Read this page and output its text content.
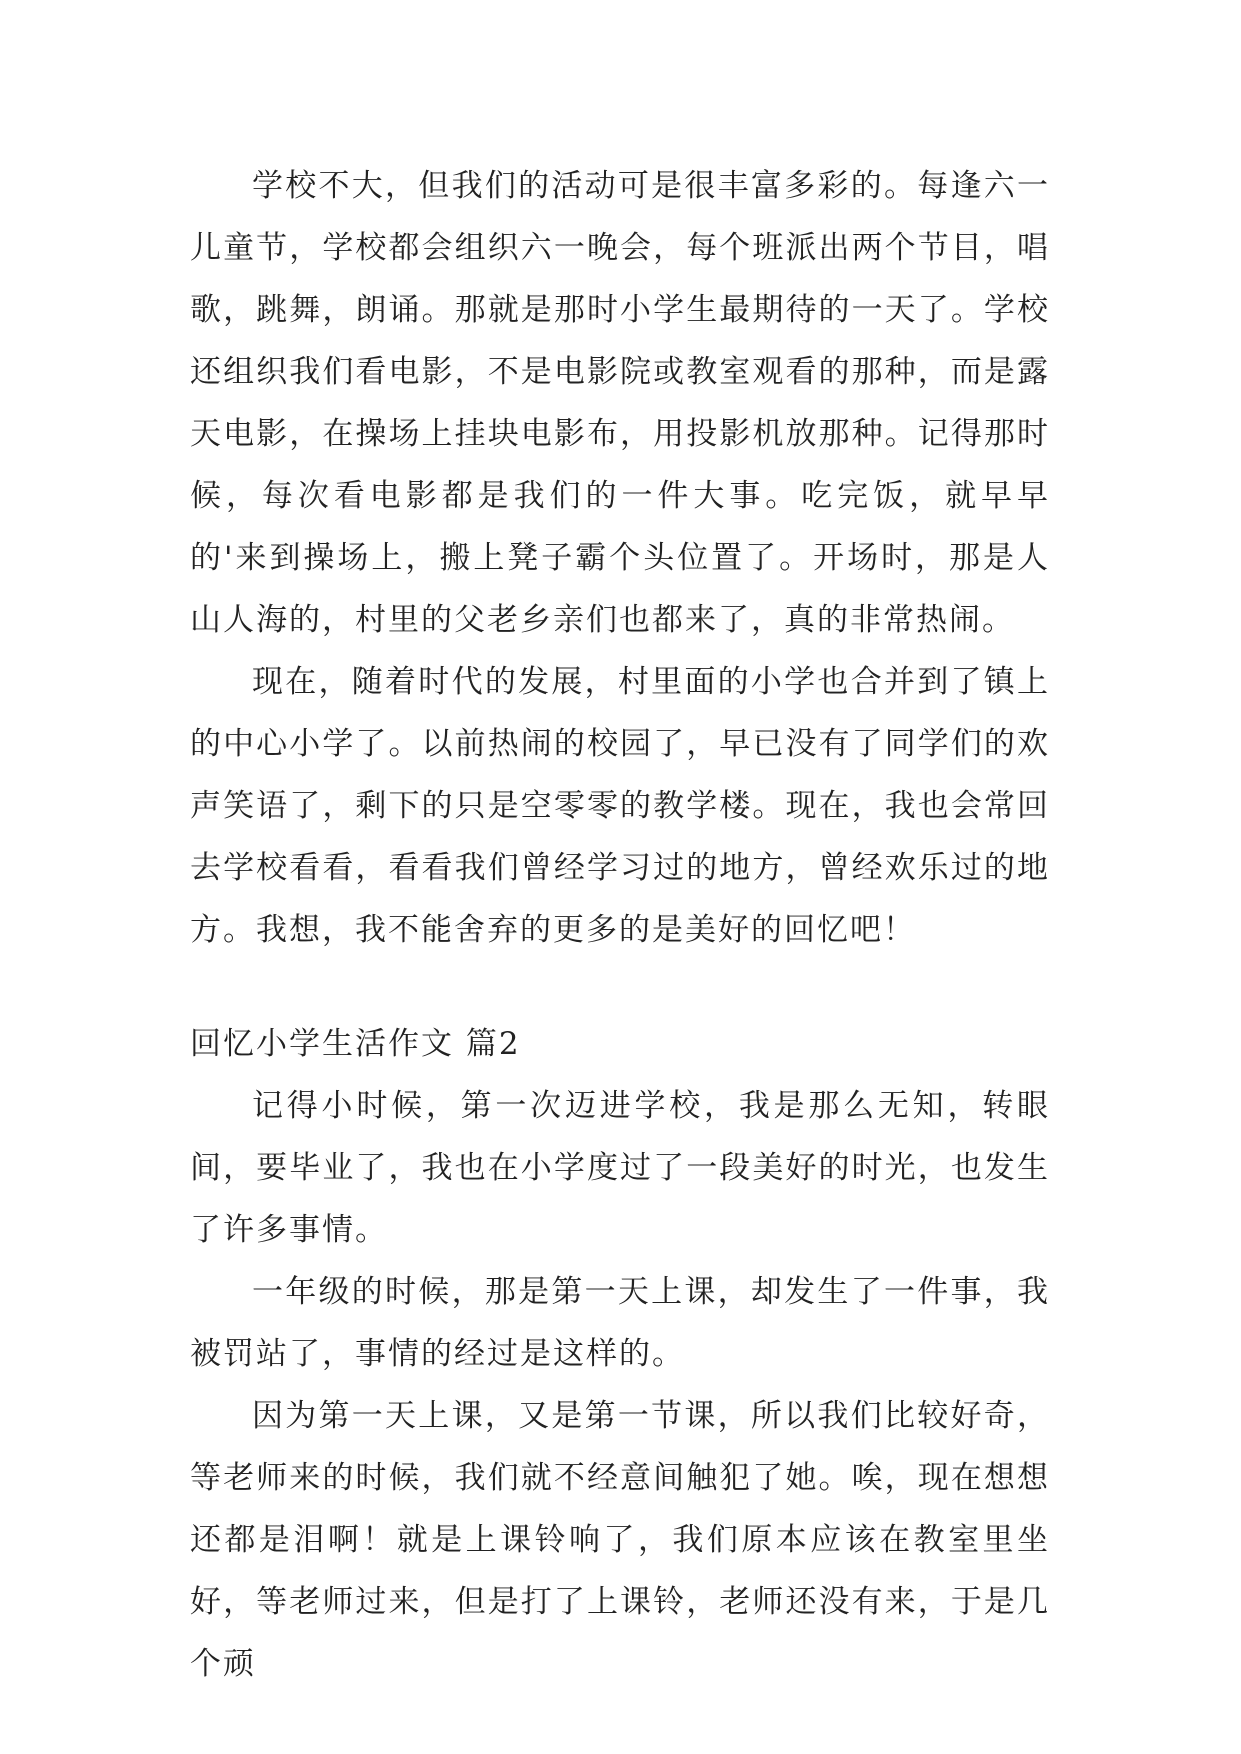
学校不大，但我们的活动可是很丰富多彩的。每逢六一儿童节，学校都会组织六一晚会，每个班派出两个节目，唱歌，跳舞，朗诵。那就是那时小学生最期待的一天了。学校还组织我们看电影，不是电影院或教室观看的那种，而是露天电影，在操场上挂块电影布，用投影机放那种。记得那时候，每次看电影都是我们的一件大事。吃完饭，就早早的'来到操场上，搬上凳子霸个头位置了。开场时，那是人山人海的，村里的父老乡亲们也都来了，真的非常热闹。

现在，随着时代的发展，村里面的小学也合并到了镇上的中心小学了。以前热闹的校园了，早已没有了同学们的欢声笑语了，剩下的只是空零零的教学楼。现在，我也会常回去学校看看，看看我们曾经学习过的地方，曾经欢乐过的地方。我想，我不能舍弃的更多的是美好的回忆吧！

回忆小学生活作文 篇2

记得小时候，第一次迈进学校，我是那么无知，转眼间，要毕业了，我也在小学度过了一段美好的时光，也发生了许多事情。

一年级的时候，那是第一天上课，却发生了一件事，我被罚站了，事情的经过是这样的。

因为第一天上课，又是第一节课，所以我们比较好奇，等老师来的时候，我们就不经意间触犯了她。唉，现在想想还都是泪啊！就是上课铃响了，我们原本应该在教室里坐好，等老师过来，但是打了上课铃，老师还没有来，于是几个顽
